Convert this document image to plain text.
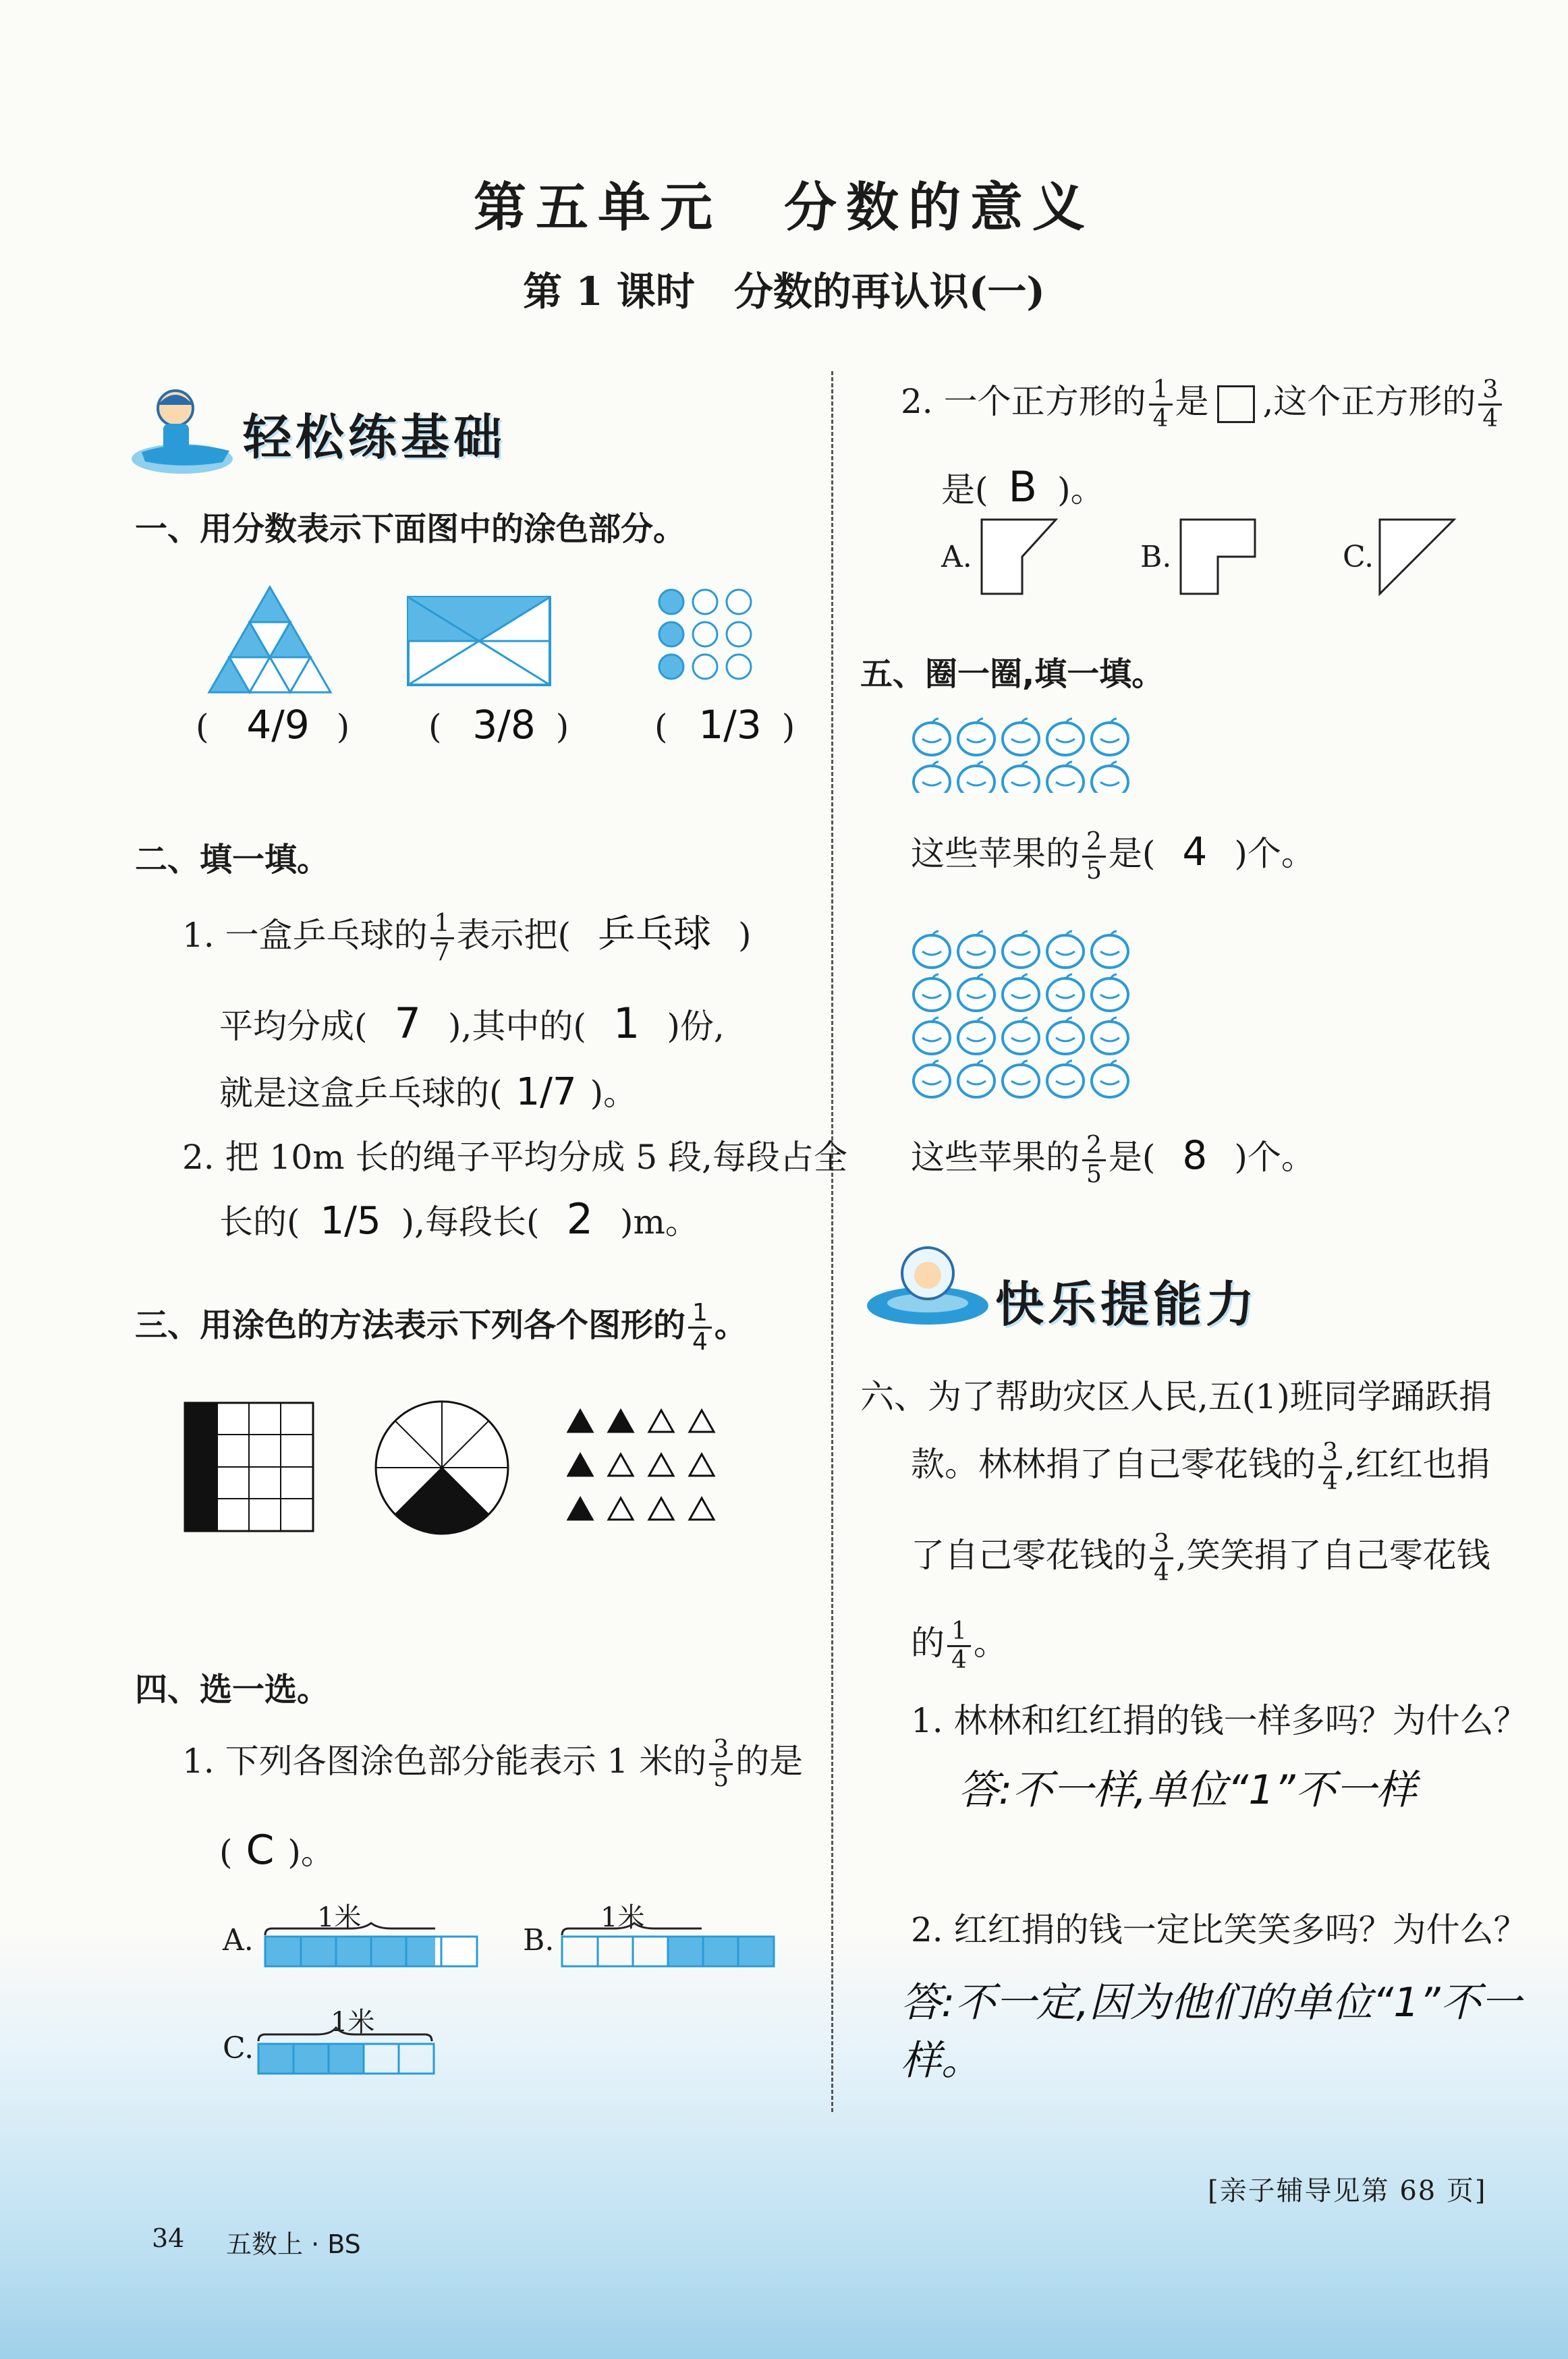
第五单元　分数的意义
第 1 课时　分数的再认识(一)
轻松练基础
一、用分数表示下面图中的涂色部分。
( 4/9 ) ( 3/8 )	( 1/3 )
二、填一填。
1. 一盒乒乓球的 $\frac{1}{7}$ 表示把( 乒乓球 )
平均分成( 7 ),其中的( 1 )份,
就是这盒乒乓球的( 1/7 )。
2. 把 10m 长的绳子平均分成 5 段,每段占全
长的( 1/5 ),每段长( 2 )m。
三、用涂色的方法表示下列各个图形的 $\frac{1}{4}$ 。
四、选一选。
1. 下列各图涂色部分能表示 1 米的 $\frac{3}{5}$ 的是
( C )。
A.
1米
B.
1米
C.
1米
2. 一个正方形的 $\frac{1}{4}$ 是 ,这个正方形的 $\frac{3}{4}$
是( B )。
A.	B.	C.
五、圈一圈,填一填。
这些苹果的 $\frac{2}{5}$ 是( 4 )个。
这些苹果的 $\frac{2}{5}$ 是( 8 )个。
快乐提能力
六、为了帮助灾区人民,五(1)班同学踊跃捐
款。林林捐了自己零花钱的 $\frac{3}{4}$ ,红红也捐
了自己零花钱的 $\frac{3}{4}$ ,笑笑捐了自己零花钱
的 $\frac{1}{4}$ 。
1. 林林和红红捐的钱一样多吗？为什么？
答:不一样,单位“1”不一样
2. 红红捐的钱一定比笑笑多吗？为什么？
答:不一定,因为他们的单位“1”不一样。
34 五数上 · BS
[亲子辅导见第 68 页]
